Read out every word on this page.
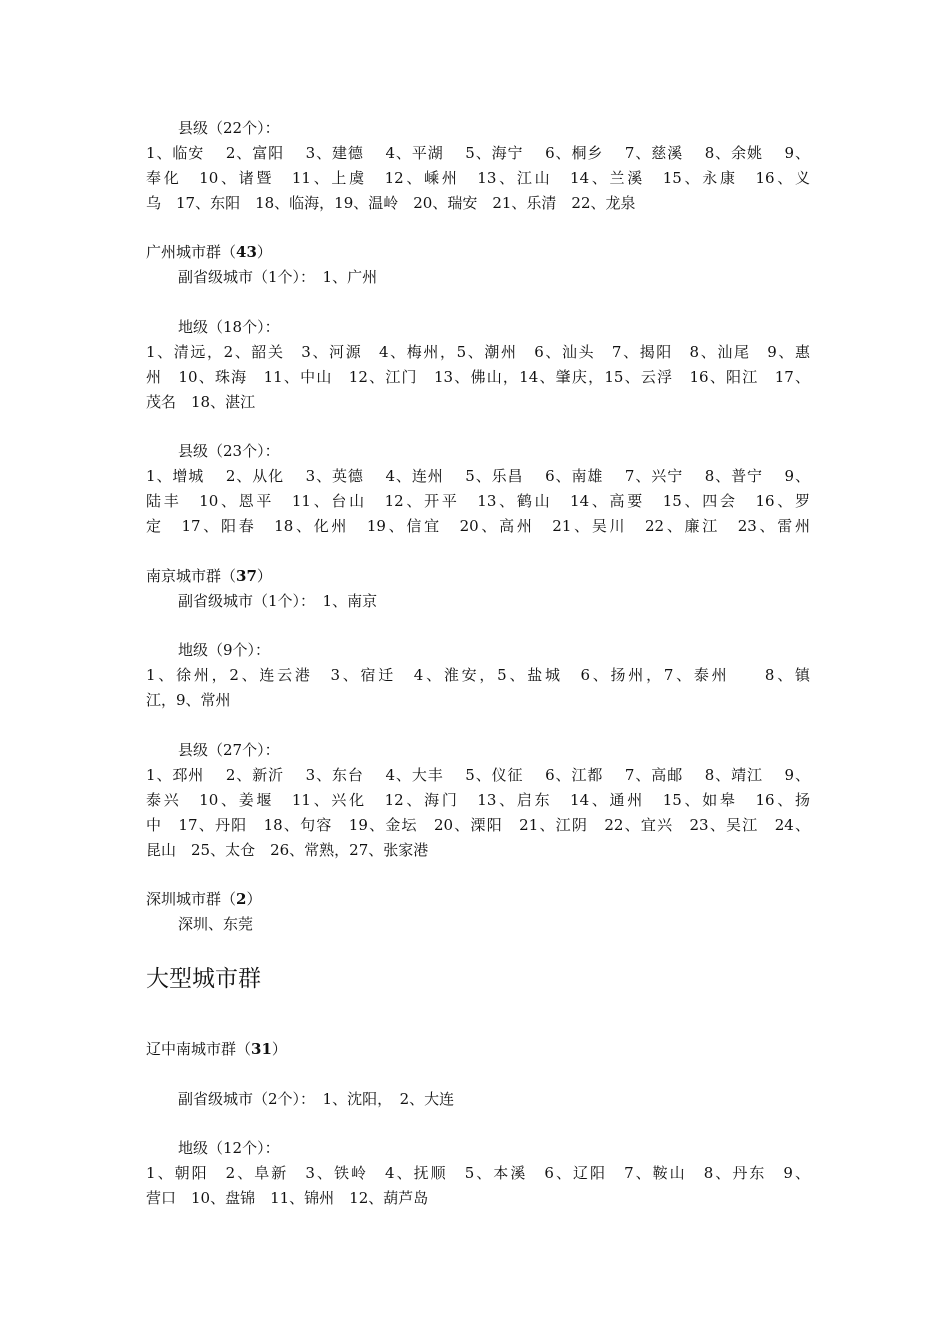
县级（22个）：
1、临安　 2、富阳　 3、建德　 4、平湖　 5、海宁　 6、桐乡　 7、慈溪　 8、余姚　 9、
奉化　10、诸暨　11、上虞　12、嵊州　13、江山　14、兰溪　15、永康　16、义
乌　17、东阳　18、临海，19、温岭　20、瑞安　21、乐清　22、龙泉
广州城市群（43）
副省级城市（1个）：　1、广州
地级（18个）：
1、清远，2、韶关　3、河源　4、梅州，5、潮州　6、汕头　7、揭阳　8、汕尾　9、惠
州　10、珠海　11、中山　12、江门　13、佛山，14、肇庆，15、云浮　16、阳江　17、
茂名　18、湛江
县级（23个）：
1、增城　 2、从化　 3、英德　 4、连州　 5、乐昌　 6、南雄　 7、兴宁　 8、普宁　 9、
陆丰　10、恩平　11、台山　12、开平　13、鹤山　14、高要　15、四会　16、罗
定　17、阳春　18、化州　19、信宜　20、高州　21、吴川　22、廉江　23、雷州
南京城市群（37）
副省级城市（1个）：　1、南京
地级（9个）：
1、徐州，2、连云港　3、宿迁　4、淮安，5、盐城　6、扬州，7、泰州　　8、镇
江，9、常州
县级（27个）：
1、邳州　 2、新沂　 3、东台　 4、大丰　 5、仪征　 6、江都　 7、高邮　 8、靖江　 9、
泰兴　10、姜堰　11、兴化　12、海门　13、启东　14、通州　15、如皋　16、扬
中　17、丹阳　18、句容　19、金坛　20、溧阳　21、江阴　22、宜兴　23、吴江　24、
昆山　25、太仓　26、常熟，27、张家港
深圳城市群（2）
深圳、东莞
大型城市群
辽中南城市群（31）
副省级城市（2个）：　1、沈阳，　2、大连
地级（12个）：
1、朝阳　2、阜新　3、铁岭　4、抚顺　5、本溪　6、辽阳　7、鞍山　8、丹东　9、
营口　10、盘锦　11、锦州　12、葫芦岛
